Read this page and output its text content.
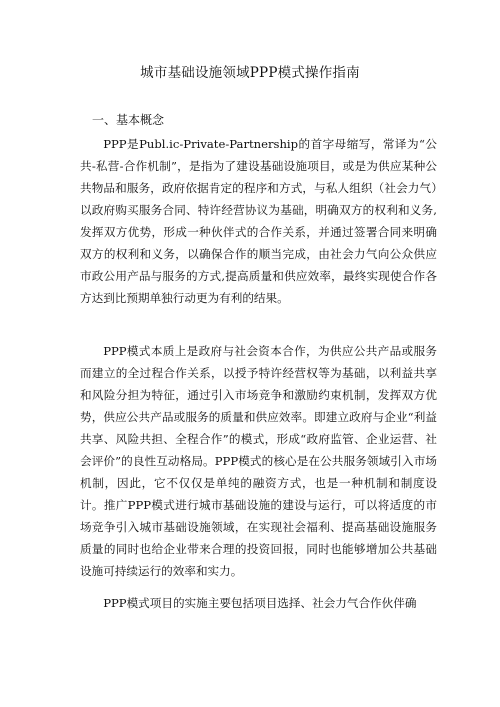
城市基础设施领域PPP模式操作指南
一、基本概念

PPP是Publ.ic-Private-Partnership的首字母缩写，常译为“公共-私营-合作机制”，是指为了建设基础设施项目，或是为供应某种公共物品和服务，政府依据肯定的程序和方式，与私人组织（社会力气）以政府购买服务合同、特许经营协议为基础，明确双方的权利和义务,发挥双方优势，形成一种伙伴式的合作关系，并通过签署合同来明确双方的权利和义务，以确保合作的顺当完成，由社会力气向公众供应市政公用产品与服务的方式,提高质量和供应效率，最终实现使合作各方达到比预期单独行动更为有利的结果。

PPP模式本质上是政府与社会资本合作，为供应公共产品或服务而建立的全过程合作关系，以授予特许经营权等为基础，以利益共享和风险分担为特征，通过引入市场竞争和激励约束机制，发挥双方优势，供应公共产品或服务的质量和供应效率。即建立政府与企业“利益共享、风险共担、全程合作”的模式，形成“政府监管、企业运营、社会评价”的良性互动格局。PPP模式的核心是在公共服务领域引入市场机制，因此，它不仅仅是单纯的融资方式，也是一种机制和制度设计。推广PPP模式进行城市基础设施的建设与运行，可以将适度的市场竞争引入城市基础设施领域，在实现社会福利、提高基础设施服务质量的同时也给企业带来合理的投资回报，同时也能够增加公共基础设施可持续运行的效率和实力。

PPP模式项目的实施主要包括项目选择、社会力气合作伙伴确
